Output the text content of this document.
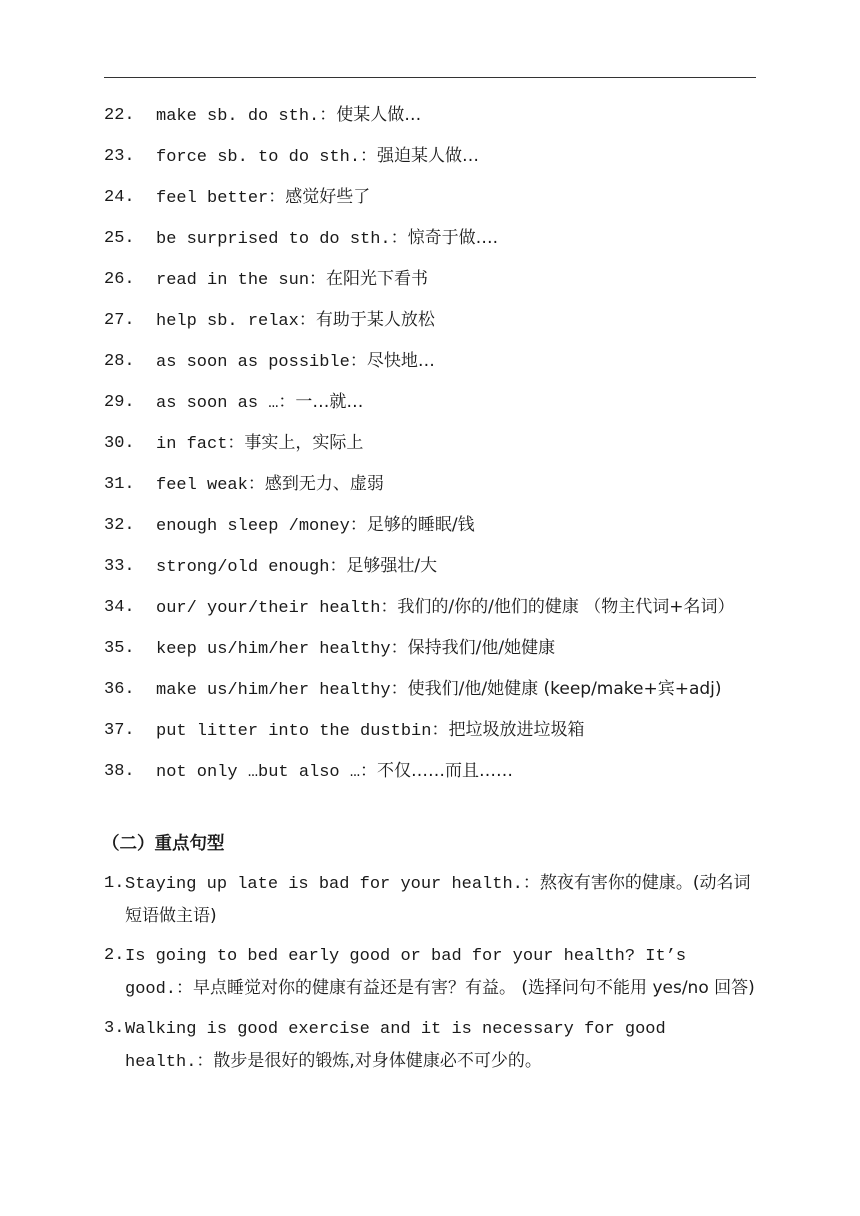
22.	make sb. do sth.：使某人做…
23.	force sb. to do sth.：强迫某人做…
24.	feel better：感觉好些了
25.	be surprised to do sth.：惊奇于做….
26.	read in the sun：在阳光下看书
27.	help sb. relax：有助于某人放松
28.	as soon as possible：尽快地…
29.	as soon as …：一…就…
30.	in fact：事实上，实际上
31.	feel weak：感到无力、虚弱
32.	enough sleep /money：足够的睡眠/钱
33.	strong/old enough：足够强壮/大
34.	our/ your/their health：我们的/你的/他们的健康 （物主代词+名词）
35.	keep us/him/her healthy：保持我们/他/她健康
36.	make us/him/her healthy：使我们/他/她健康 (keep/make+宾+adj)
37.	put litter into the dustbin：把垃圾放进垃圾箱
38.	not only …but also …：不仅……而且……
（二）重点句型
1. Staying up late is bad for your health.：熬夜有害你的健康。(动名词短语做主语)
2. Is going to bed early good or bad for your health? It’s good.：早点睡觉对你的健康有益还是有害？有益。 (选择问句不能用 yes/no 回答)
3. Walking is good exercise and it is necessary for good health.：散步是很好的锻炼,对身体健康必不可少的。
